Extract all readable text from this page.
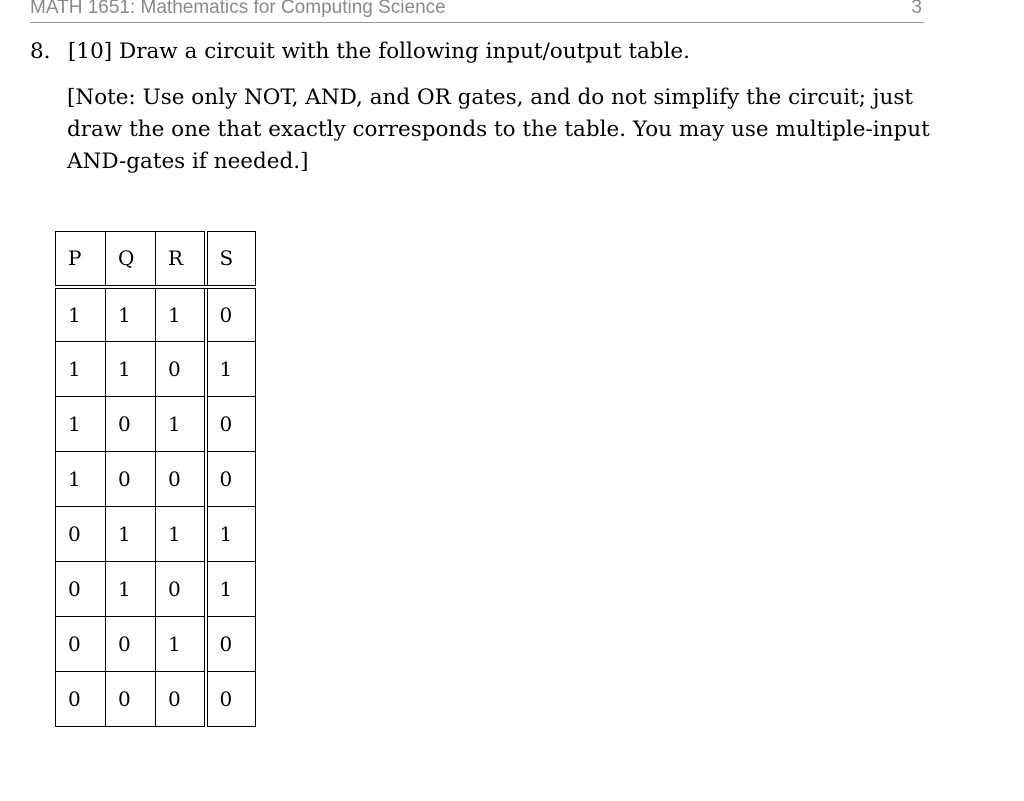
MATH 1651: Mathematics for Computing Science	3
8. [10] Draw a circuit with the following input/output table.
[Note: Use only NOT, AND, and OR gates, and do not simplify the circuit; just
draw the one that exactly corresponds to the table. You may use multiple-input
AND-gates if needed.]
P	Q	R	S
1	1	1	0
1	1	0	1
1	0	1	0
1	0	0	0
0	1	1	1
0	1	0	1
0	0	1	0
0	0	0	0
